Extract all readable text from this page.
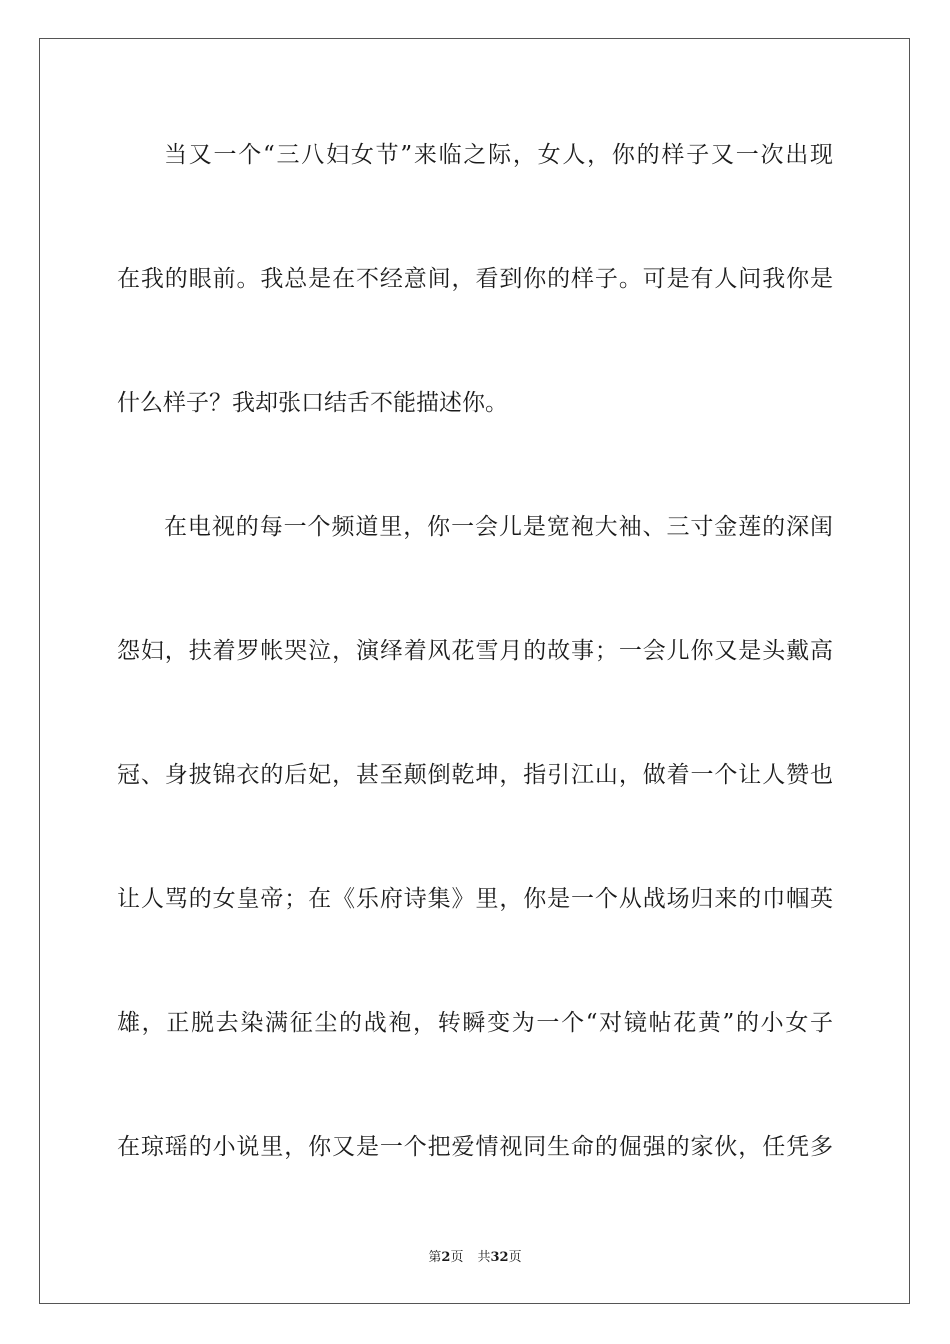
当又一个“三八妇女节”来临之际，女人，你的样子又一次出现
在我的眼前。我总是在不经意间，看到你的样子。可是有人问我你是
什么样子？我却张口结舌不能描述你。
在电视的每一个频道里，你一会儿是宽袍大袖、三寸金莲的深闺
怨妇，扶着罗帐哭泣，演绎着风花雪月的故事；一会儿你又是头戴高
冠、身披锦衣的后妃，甚至颠倒乾坤，指引江山，做着一个让人赞也
让人骂的女皇帝；在《乐府诗集》里，你是一个从战场归来的巾帼英
雄，正脱去染满征尘的战袍，转瞬变为一个“对镜帖花黄”的小女子
在琼瑶的小说里，你又是一个把爱情视同生命的倔强的家伙，任凭多
第2页 共32页
